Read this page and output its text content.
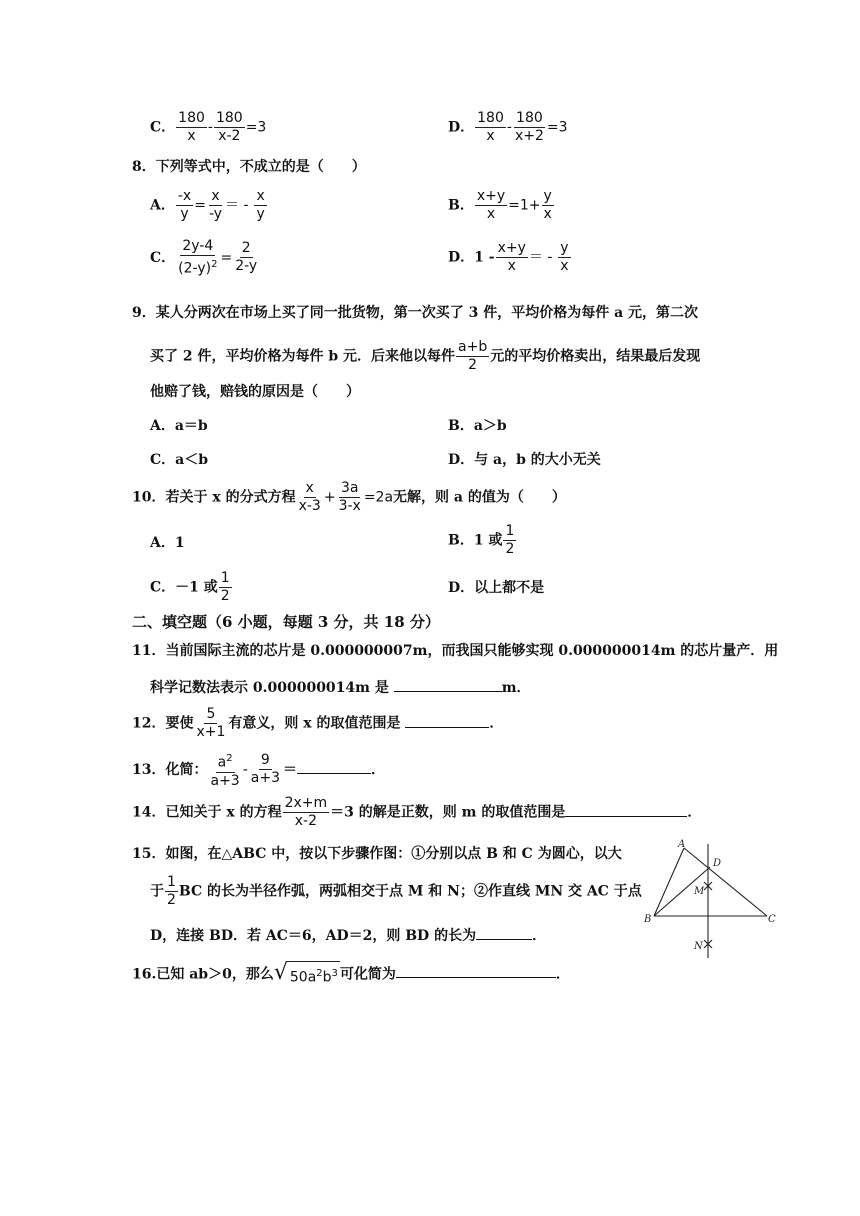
C． $\frac{180}{x} - \frac{180}{x-2} =3$	D． $\frac{180}{x} - \frac{180}{x+2} =3$
8．下列等式中，不成立的是（　　）
A． $\frac{-x}{y} = \frac{x}{-y}$ ＝ - $\frac{x}{y}$	B． $\frac{x+y}{x} =1+ \frac{y}{x}$
C． $\frac{2y-4}{(2-y)^2} = \frac{2}{2-y}$	D．$1 - \frac{x+y}{x}$ ＝ - $\frac{y}{x}$
9．某人分两次在市场上买了同一批货物，第一次买了 3 件，平均价格为每件 a 元，第二次
买了 2 件，平均价格为每件 b 元．后来他以每件 $\frac{a+b}{2}$ 元的平均价格卖出，结果最后发现
他赔了钱，赔钱的原因是（　　）
A．a＝b	B．a＞b
C．a＜b	D．与 a，b 的大小无关
10．若关于 x 的分式方程 $\frac{x}{x-3} + \frac{3a}{3-x} =2a$无解，则 a 的值为（　　）
A．1	B．1 或 $\frac{1}{2}$
C．－1 或 $\frac{1}{2}$	D．以上都不是
二、填空题（6 小题，每题 3 分，共 18 分）
11．当前国际主流的芯片是 0.000000007m，而我国只能够实现 0.000000014m 的芯片量产．用
科学记数法表示 0.000000014m 是	m．
12．要使 $\frac{5}{x+1}$ 有意义，则 x 的取值范围是	．
13．化简： $\frac{a^2}{a+3} - \frac{9}{a+3}$ ＝	．
14．已知关于 x 的方程 $\frac{2x+m}{x-2} =3$ 的解是正数，则 m 的取值范围是	．
15．如图，在△ABC 中，按以下步骤作图：①分别以点 B 和 C 为圆心，以大
于 $\frac{1}{2}$ BC 的长为半径作弧，两弧相交于点 M 和 N；②作直线 MN 交 AC 于点
D，连接 BD．若 AC＝6，AD＝2，则 BD 的长为	．
A
B	C
D
M
N
16.已知 ab＞0，那么 √ $50a^2b^3$ 可化简为	．
